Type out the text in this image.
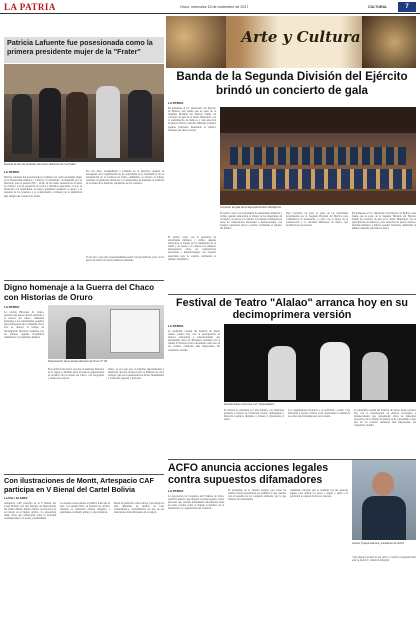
LA PATRIA	Oruro, miércoles 15 de noviembre de 2017	CULTURAL	7
Patricia Lafuente fue posesionada como la primera presidente mujer de la "Frater"
Durante el acto de posesión del nuevo directorio de "La Frater"
LA PATRIA
Patricia Lafuente fue posesionada por primera vez como presidente mujer de la Fraternidad Artística y Cultural "La Diablada", acompañada por su directorio para la gestión 2017 - 2019, en un evento realizado en el salón de eventos. Con la presencia de socios e invitados especiales, el acto se desarrolló con normalidad. La nueva presidenta agradeció el apoyo y el respaldo de los fraternos y se comprometió a trabajar por la institución más antigua del Carnaval de Oruro.
Por dos años, acompañarán a Lafuente en la directiva, quienes se encargarán de la organización de las actividades de la fraternidad y de su presentación en el Carnaval de Oruro. Asimismo, se destacó el trabajo realizado en gestiones anteriores y el compromiso de mantener la tradición de la danza de la diablada, patrimonio de los orureños.
Es un reto y una gran responsabilidad asumir esta presidencia, pero con el apoyo de todos los socios saldremos adelante.
Arte y Cultura
Banda de la Segunda División del Ejército brindó un concierto de gala
LA PATRIA
En homenaje al CC aniversario del Ejército de Bolivia, esta banda que es parte de la Segunda División del Ejército brindó un concierto de gala en el Teatro Municipal, con la participación de músicos y una selección de piezas clásicas, marchas militares y música popular boliviana, deleitando al público asistente que llenó el teatro.
Concierto de gala de la Segunda División del Ejército
El evento contó con la presencia de autoridades militares y civiles, quienes destacaron el trabajo de los integrantes de la banda y su aporte a la cultura. Los músicos interpretaron obras de compositores nacionales e internacionales, con arreglos especiales para la ocasión, recibiendo el aplauso del público.
Este Concierto de Gala es parte de las actividades programadas por la Segunda División del Ejército para conmemorar el aniversario, y contó con el apoyo de la Gobernación y la Alcaldía Municipal de Oruro, que facilitaron los escenarios.
En homenaje al CC aniversario del Ejército de Bolivia, esta banda que es parte de la Segunda División del Ejército brindó un concierto de gala en el Teatro Municipal, con la participación de músicos y una selección de piezas clásicas, marchas militares y música popular boliviana, deleitando al público asistente que llenó el teatro.
El evento contó con la presencia de autoridades militares y civiles, quienes destacaron el trabajo de los integrantes de la banda y su aporte a la cultura. Los músicos interpretaron obras de compositores nacionales e internacionales, con arreglos especiales para la ocasión, recibiendo el aplauso del público.
Digno homenaje a la Guerra del Chaco con Historias de Oruro
LA PATRIA
La revista Historias de Oruro, presentó una nueva edición dedicada a la Guerra del Chaco, rindiendo homenaje a los combatientes orureños que participaron en la contienda. En el acto se destacó el trabajo de investigación histórica realizado por los autores, quienes recopilaron testimonios y documentos inéditos.
Presentación de la revista Historias de Oruro N° 36
Esta publicación busca rescatar la memoria histórica de la región y difundir entre las nuevas generaciones el sacrificio de los héroes del Chaco, con fotografías y relatos de la época.
Oruro, es por esto que el gobierno departamental y municipal aportan recursos para la difusión de estos trabajos, que son considerados un aporte fundamental a la historia regional y nacional.
Con ilustraciones de Montt, Artespacio CAF participa en V Bienal del Cartel Bolivia
La Paz / El ANF2
Artespacio CAF participa en la V Bienal del Cartel Bolivia con una muestra de ilustraciones del artista chileno Alberto Montt, reconocido por su trabajo en el humor gráfico. La exposición reúne obras que reflexionan sobre la sociedad contemporánea con ironía y sensibilidad.
La muestra estará abierta al público hasta fin de mes, con entrada libre, en horarios de oficina. Además se realizarán talleres dirigidos a estudiantes de diseño gráfico y artes plásticas.
Montt ha publicado varios libros y su trabajo ha sido difundido en medios de toda Latinoamérica, convirtiéndose en uno de los ilustradores más influyentes de la región.
Festival de Teatro "Alalao" arranca hoy en su decimoprimera versión
LA PATRIA
La undécima versión del Festival de Teatro Alalao arranca hoy con la participación de elencos nacionales e internacionales que presentarán obras en diferentes escenarios de la ciudad. El festival se ha consolidado como uno de los eventos culturales más importantes del calendario orureño.
Festival Alalao inicia hoy con "Abracadabra"
El festival se extenderá por una semana, con funciones gratuitas y talleres de formación actoral, dramaturgia y dirección escénica, dirigidos a jóvenes y aficionados al teatro.
Los organizadores invitaron a la población a asistir a las funciones y apoyar el teatro local, destacando la calidad de las obras seleccionadas para esta versión.
La undécima versión del Festival de Teatro Alalao arranca hoy con la participación de elencos nacionales e internacionales que presentarán obras en diferentes escenarios de la ciudad. El festival se ha consolidado como uno de los eventos culturales más importantes del calendario orureño.
ACFO anuncia acciones legales contra supuestos difamadores
Jacinto Quispe Alanoca, presidente de ACFO
LA PATRIA
La Asociación de Conjuntos del Folklore de Oruro (ACFO) anunció que iniciará acciones legales contra personas que estarían difundiendo información falsa en redes sociales sobre el manejo económico de la institución y la organización del Carnaval.
El presidente de la entidad aseguró que todas las cuentas fueron presentadas en asamblea y que cuentan con el respaldo de los conjuntos afiliados, por lo que rechazó las acusaciones.
Asimismo, informó que se reunirán con sus asesores legales para definir los pasos a seguir y pidió a la población no dejarse llevar por rumores.
"Que alguien pruebe lo que dicen y nosotros responderemos ante la justicia", señaló el dirigente.
